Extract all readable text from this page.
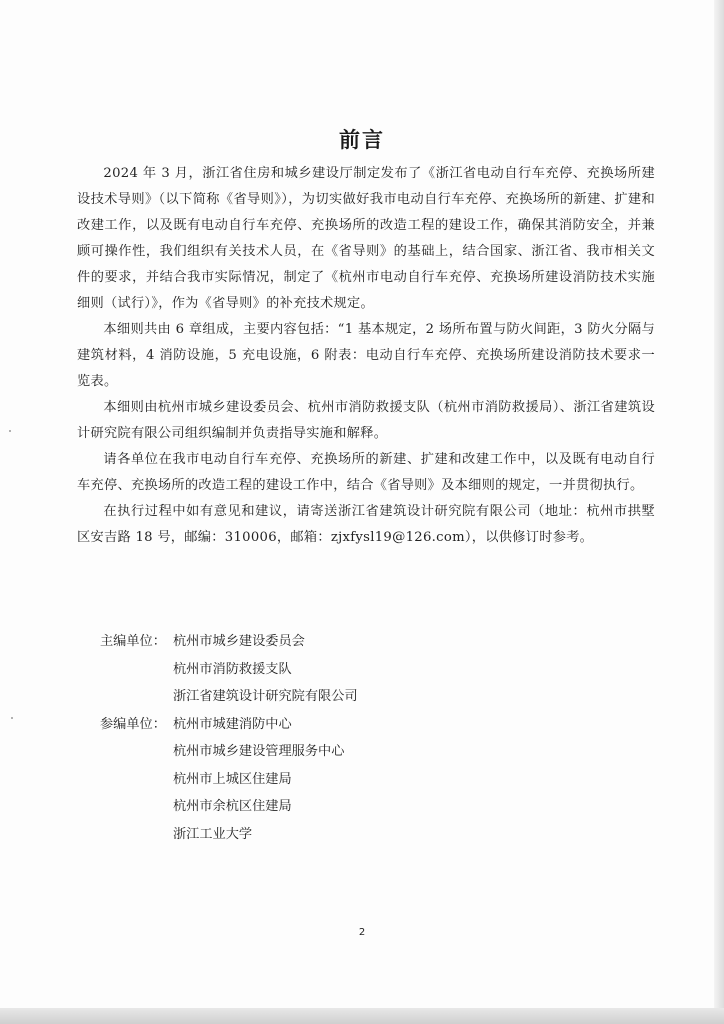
前言

2024 年 3 月，浙江省住房和城乡建设厅制定发布了《浙江省电动自行车充停、充换场所建设技术导则》（以下简称《省导则》），为切实做好我市电动自行车充停、充换场所的新建、扩建和改建工作，以及既有电动自行车充停、充换场所的改造工程的建设工作，确保其消防安全，并兼顾可操作性，我们组织有关技术人员，在《省导则》的基础上，结合国家、浙江省、我市相关文件的要求，并结合我市实际情况，制定了《杭州市电动自行车充停、充换场所建设消防技术实施细则（试行）》，作为《省导则》的补充技术规定。

本细则共由 6 章组成，主要内容包括：“1 基本规定，2 场所布置与防火间距，3 防火分隔与建筑材料，4 消防设施，5 充电设施，6 附表：电动自行车充停、充换场所建设消防技术要求一览表。

本细则由杭州市城乡建设委员会、杭州市消防救援支队（杭州市消防救援局）、浙江省建筑设计研究院有限公司组织编制并负责指导实施和解释。

请各单位在我市电动自行车充停、充换场所的新建、扩建和改建工作中，以及既有电动自行车充停、充换场所的改造工程的建设工作中，结合《省导则》及本细则的规定，一并贯彻执行。

在执行过程中如有意见和建议，请寄送浙江省建筑设计研究院有限公司（地址：杭州市拱墅区安吉路 18 号，邮编：310006，邮箱：zjxfysl19@126.com），以供修订时参考。

主编单位： 杭州市城乡建设委员会
杭州市消防救援支队
浙江省建筑设计研究院有限公司
参编单位： 杭州市城建消防中心
杭州市城乡建设管理服务中心
杭州市上城区住建局
杭州市余杭区住建局
浙江工业大学
2
